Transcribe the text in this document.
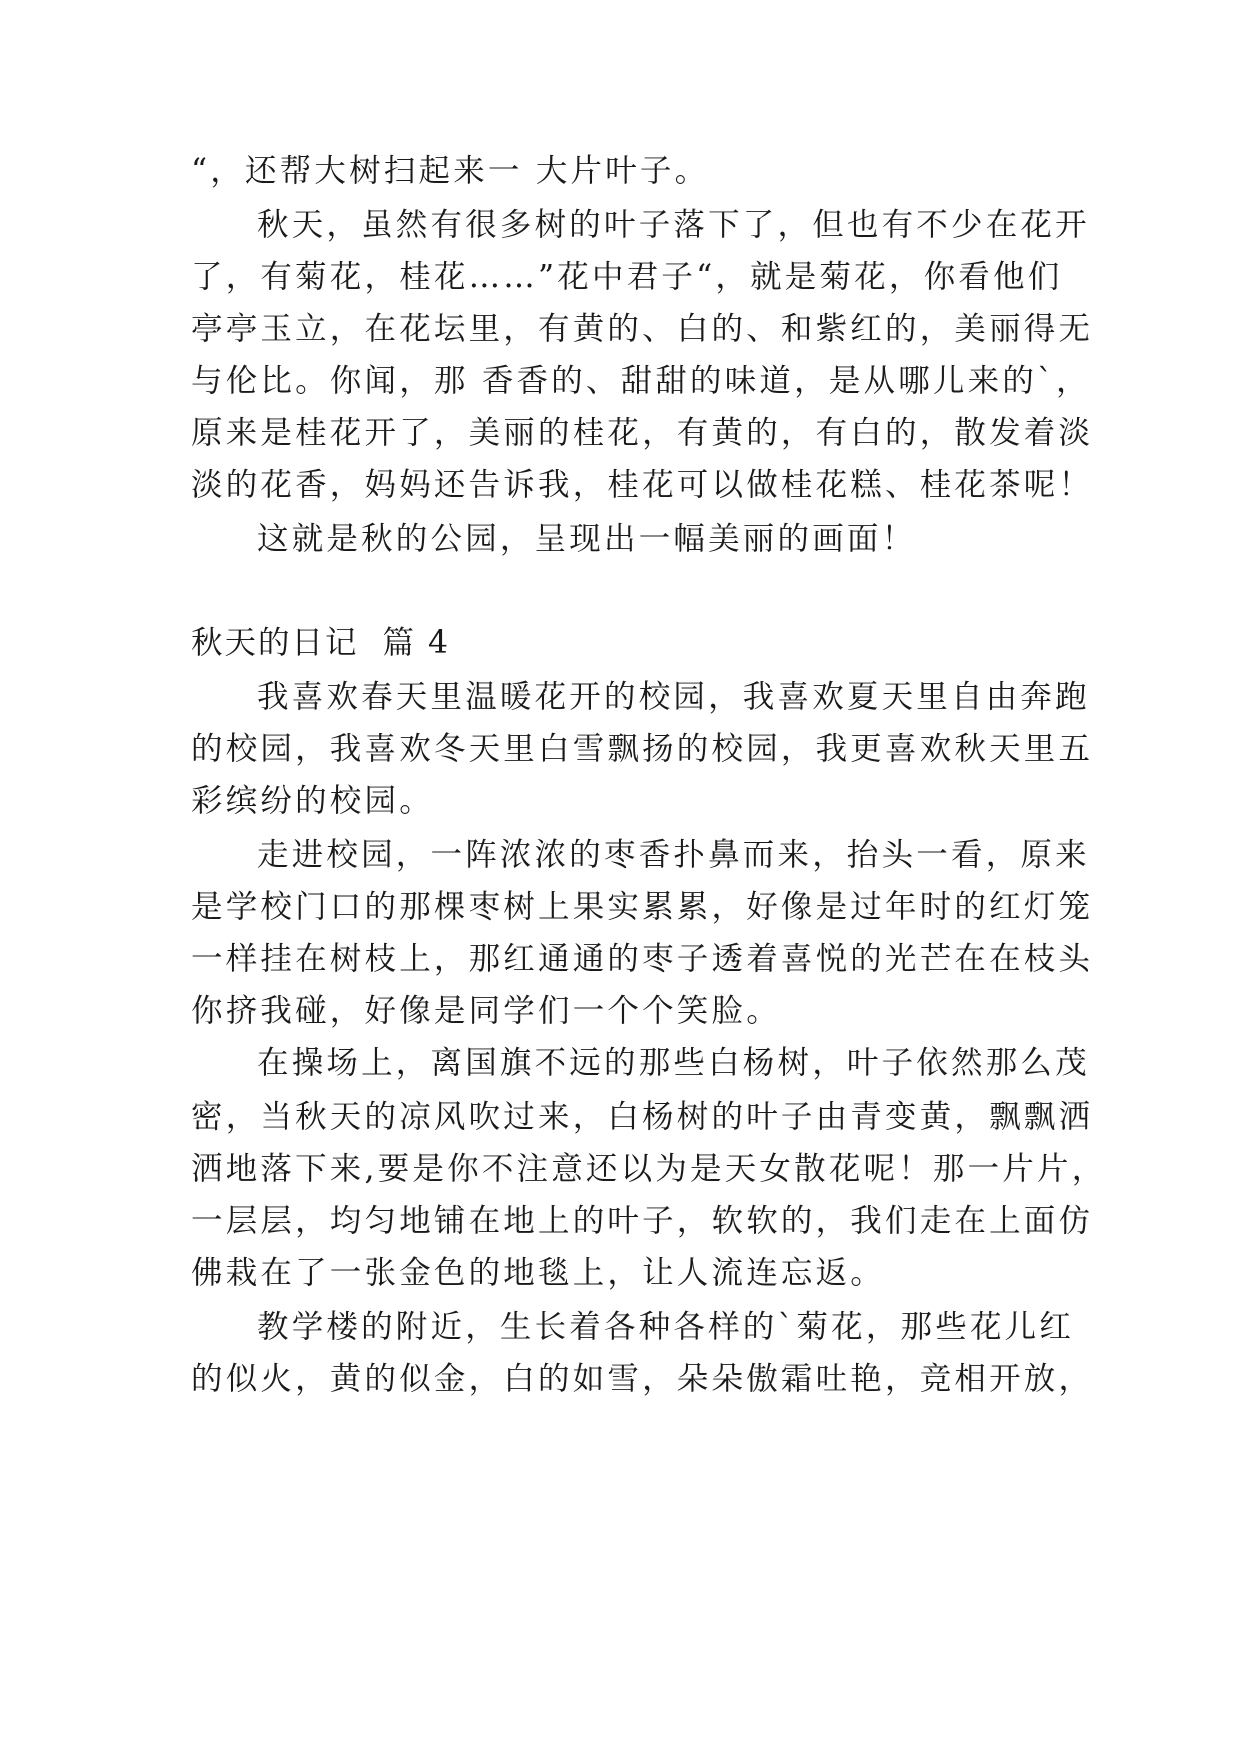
“，还帮大树扫起来一 大片叶子。
秋天，虽然有很多树的叶子落下了，但也有不少在花开
了，有菊花，桂花……”花中君子“，就是菊花，你看他们
亭亭玉立，在花坛里，有黄的、白的、和紫红的，美丽得无
与伦比。你闻，那 香香的、甜甜的味道，是从哪儿来的`，
原来是桂花开了，美丽的桂花，有黄的，有白的，散发着淡
淡的花香，妈妈还告诉我，桂花可以做桂花糕、桂花茶呢！
这就是秋的公园，呈现出一幅美丽的画面！
秋天的日记  篇 4
我喜欢春天里温暖花开的校园，我喜欢夏天里自由奔跑
的校园，我喜欢冬天里白雪飘扬的校园，我更喜欢秋天里五
彩缤纷的校园。
走进校园，一阵浓浓的枣香扑鼻而来，抬头一看，原来
是学校门口的那棵枣树上果实累累，好像是过年时的红灯笼
一样挂在树枝上，那红通通的枣子透着喜悦的光芒在在枝头
你挤我碰，好像是同学们一个个笑脸。
在操场上，离国旗不远的那些白杨树，叶子依然那么茂
密，当秋天的凉风吹过来，白杨树的叶子由青变黄，飘飘洒
洒地落下来,要是你不注意还以为是天女散花呢！那一片片，
一层层，均匀地铺在地上的叶子，软软的，我们走在上面仿
佛栽在了一张金色的地毯上，让人流连忘返。
教学楼的附近，生长着各种各样的`菊花，那些花儿红
的似火，黄的似金，白的如雪，朵朵傲霜吐艳，竞相开放，
